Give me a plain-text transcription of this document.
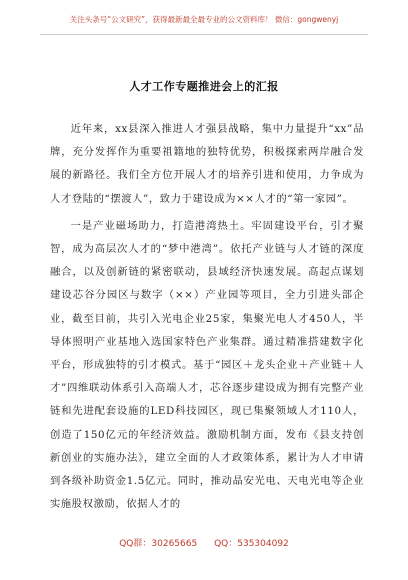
关注头条号“公文研究”，获得最新最全最专业的公文资料库！ 微信：gongwenyj
人才工作专题推进会上的汇报

近年来，xx县深入推进人才强县战略，集中力量提升“xx”品牌，充分发挥作为重要祖籍地的独特优势，积极探索两岸融合发展的新路径。我们全方位开展人才的培养引进和使用，力争成为人才登陆的“摆渡人”，致力于建设成为××人才的“第一家园”。

一是产业磁场助力，打造港湾热土。牢固建设平台，引才聚智，成为高层次人才的“梦中港湾”。依托产业链与人才链的深度融合，以及创新链的紧密联动，县域经济快速发展。高起点谋划建设芯谷分园区与数字（××）产业园等项目，全力引进头部企业，截至目前，共引入光电企业25家，集聚光电人才450人，半导体照明产业基地入选国家特色产业集群。通过精准搭建数字化平台，形成独特的引才模式。基于“园区＋龙头企业＋产业链＋人才”四维联动体系引入高端人才，芯谷逐步建设成为拥有完整产业链和先进配套设施的LED科技园区，现已集聚领域人才110人，创造了150亿元的年经济效益。激励机制方面，发布《县支持创新创业的实施办法》，建立全面的人才政策体系，累计为人才申请到各级补助资金1.5亿元。同时，推动晶安光电、天电光电等企业实施股权激励，依据人才的

QQ群：30265665 QQ：535304092
